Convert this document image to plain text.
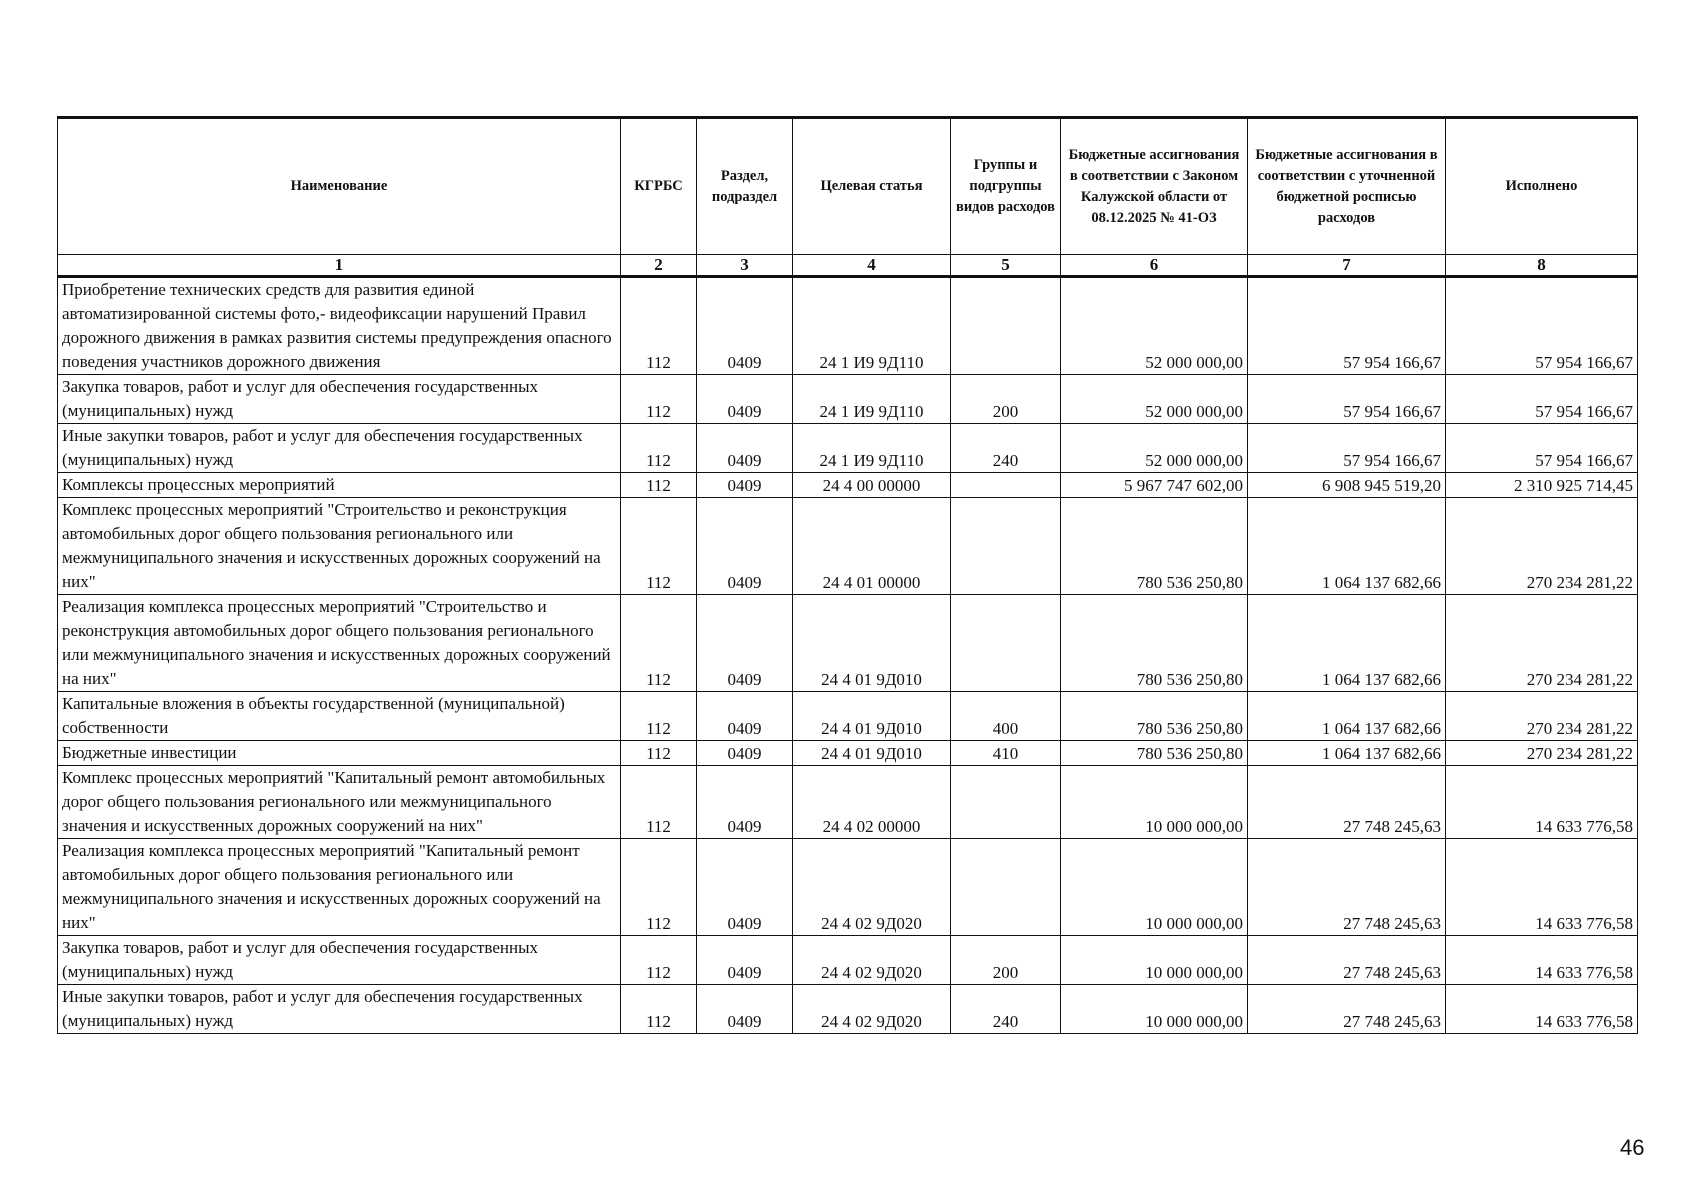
Наименование	КГРБС	Раздел, подраздел	Целевая статья	Группы и подгруппы видов расходов	Бюджетные ассигнования в соответствии с Законом Калужской области от 08.12.2025 № 41-ОЗ	Бюджетные ассигнования в соответствии с уточненной бюджетной росписью расходов	Исполнено
1	2	3	4	5	6	7	8
Приобретение технических средств для развития единой автоматизированной системы фото,- видеофиксации нарушений Правил дорожного движения в рамках развития системы предупреждения опасного поведения участников дорожного движения	112	0409	24 1 И9 9Д110		52 000 000,00	57 954 166,67	57 954 166,67
Закупка товаров, работ и услуг для обеспечения государственных (муниципальных) нужд	112	0409	24 1 И9 9Д110	200	52 000 000,00	57 954 166,67	57 954 166,67
Иные закупки товаров, работ и услуг для обеспечения государственных (муниципальных) нужд	112	0409	24 1 И9 9Д110	240	52 000 000,00	57 954 166,67	57 954 166,67
Комплексы процессных мероприятий	112	0409	24 4 00 00000		5 967 747 602,00	6 908 945 519,20	2 310 925 714,45
Комплекс процессных мероприятий "Строительство и реконструкция автомобильных дорог общего пользования регионального или межмуниципального значения и искусственных дорожных сооружений на них"	112	0409	24 4 01 00000		780 536 250,80	1 064 137 682,66	270 234 281,22
Реализация комплекса процессных мероприятий "Строительство и реконструкция автомобильных дорог общего пользования регионального или межмуниципального значения и искусственных дорожных сооружений на них"	112	0409	24 4 01 9Д010		780 536 250,80	1 064 137 682,66	270 234 281,22
Капитальные вложения в объекты государственной (муниципальной) собственности	112	0409	24 4 01 9Д010	400	780 536 250,80	1 064 137 682,66	270 234 281,22
Бюджетные инвестиции	112	0409	24 4 01 9Д010	410	780 536 250,80	1 064 137 682,66	270 234 281,22
Комплекс процессных мероприятий "Капитальный ремонт автомобильных дорог общего пользования регионального или межмуниципального значения и искусственных дорожных сооружений на них"	112	0409	24 4 02 00000		10 000 000,00	27 748 245,63	14 633 776,58
Реализация комплекса процессных мероприятий "Капитальный ремонт автомобильных дорог общего пользования регионального или межмуниципального значения и искусственных дорожных сооружений на них"	112	0409	24 4 02 9Д020		10 000 000,00	27 748 245,63	14 633 776,58
Закупка товаров, работ и услуг для обеспечения государственных (муниципальных) нужд	112	0409	24 4 02 9Д020	200	10 000 000,00	27 748 245,63	14 633 776,58
Иные закупки товаров, работ и услуг для обеспечения государственных (муниципальных) нужд	112	0409	24 4 02 9Д020	240	10 000 000,00	27 748 245,63	14 633 776,58
46
